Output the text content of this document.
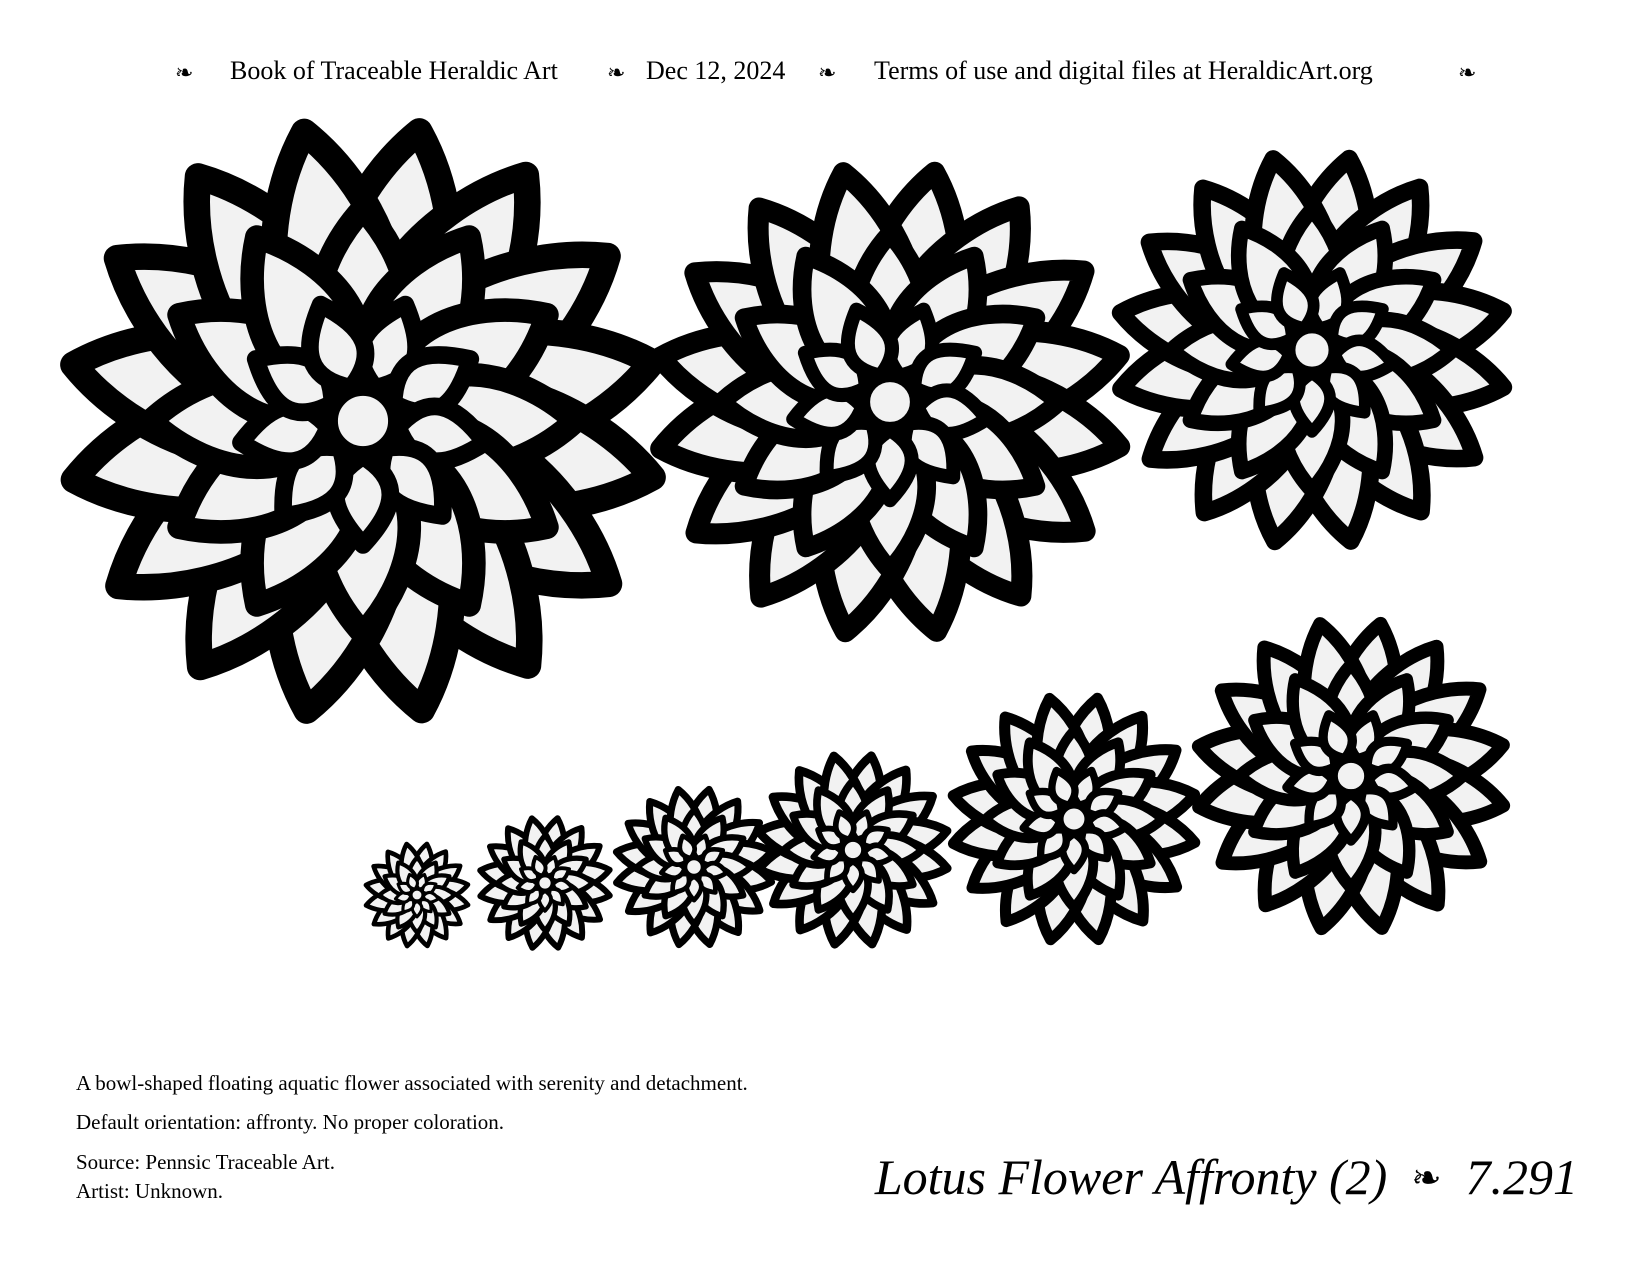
❧ Book of Traceable Heraldic Art ❧ Dec 12, 2024 ❧ Terms of use and digital files at HeraldicArt.org	❧
A bowl-shaped floating aquatic flower associated with serenity and detachment.
Default orientation: affronty. No proper coloration.
Source: Pennsic Traceable Art.
Artist: Unknown.	Lotus Flower Affronty (2) ❧ 7.291
